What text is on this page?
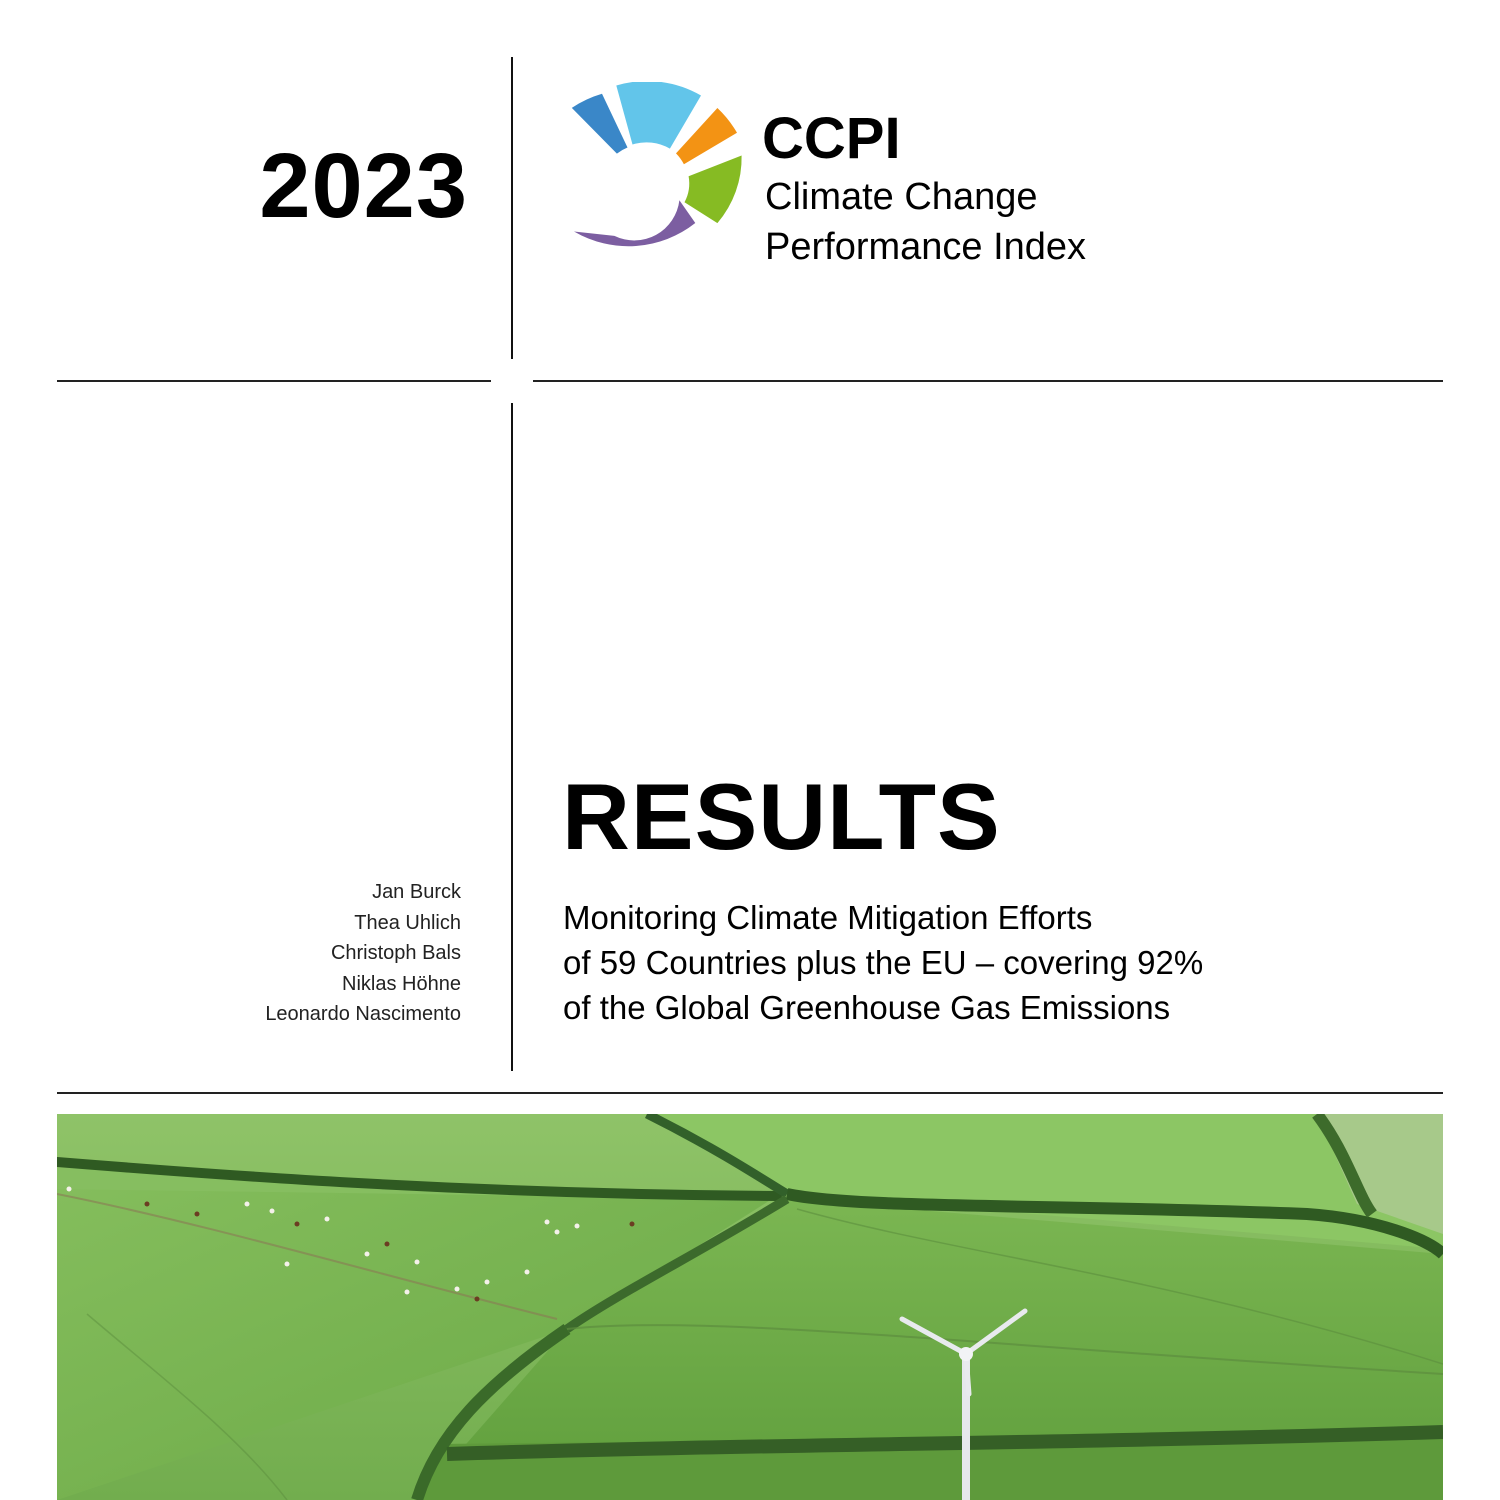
2023	CCPI
Climate Change
Performance Index
RESULTS
Monitoring Climate Mitigation Efforts
of 59 Countries plus the EU – covering 92%
of the Global Greenhouse Gas Emissions
Jan Burck
Thea Uhlich
Christoph Bals
Niklas Höhne
Leonardo Nascimento
